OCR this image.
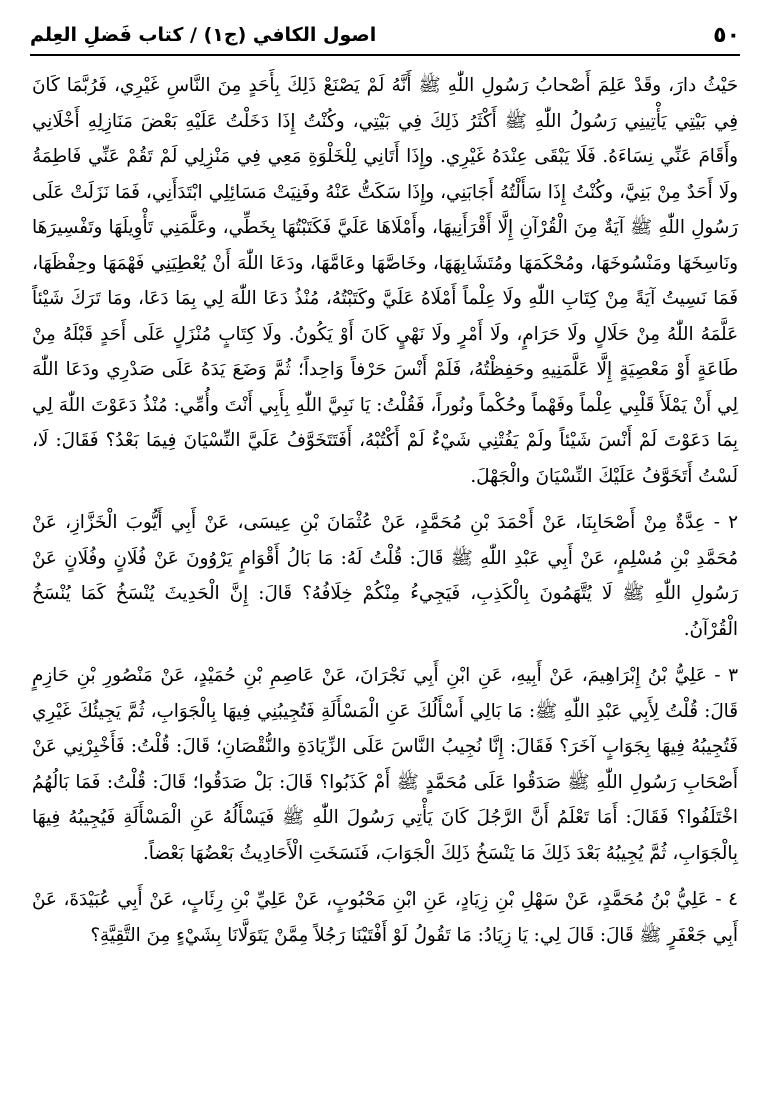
٥٠
اصول الكافي (ج١) / كتاب فَضلِ العِلم

حَيْثُ دارَ، وقَدْ عَلِمَ أَصْحابُ رَسُولِ اللّٰهِ ﷺ أَنَّهُ لَمْ يَصْنَعْ ذَلِكَ بِأَحَدٍ مِنَ النَّاسِ غَيْرِي، فَرُبَّمَا كَانَ فِي بَيْتِي يَأْتِينِي رَسُولُ اللّٰهِ ﷺ أَكْثَرُ ذَلِكَ فِي بَيْتِي، وكُنْتُ إِذَا دَخَلْتُ عَلَيْهِ بَعْضَ مَنَازِلِهِ أَخْلَانِي وأَقَامَ عَنِّي نِسَاءَهُ. فَلَا يَبْقَى عِنْدَهُ غَيْرِي. وإِذَا أَتَانِي لِلْخَلْوَةِ مَعِي فِي مَنْزِلِي لَمْ تَقُمْ عَنِّي فَاطِمَةُ ولَا أَحَدٌ مِنْ بَنِيَّ، وكُنْتُ إِذَا سَأَلْتُهُ أَجَابَنِي، وإِذَا سَكَتُّ عَنْهُ وفَنِيَتْ مَسَائِلِي ابْتَدَأَنِي، فَمَا نَزَلَتْ عَلَى رَسُولِ اللّٰهِ ﷺ آيَةٌ مِنَ الْقُرْآنِ إِلَّا أَقْرَأَنِيهَا، وأَمْلَاهَا عَلَيَّ فَكَتَبْتُهَا بِخَطِّي، وعَلَّمَنِي تَأْوِيلَهَا وتَفْسِيرَهَا ونَاسِخَهَا ومَنْسُوخَهَا، ومُحْكَمَهَا ومُتَشَابِهَهَا، وخَاصَّهَا وعَامَّهَا، ودَعَا اللّٰهَ أَنْ يُعْطِيَنِي فَهْمَهَا وحِفْظَهَا، فَمَا نَسِيتُ آيَةً مِنْ كِتَابِ اللّٰهِ ولَا عِلْماً أَمْلَاهُ عَلَيَّ وكَتَبْتُهُ، مُنْذُ دَعَا اللّٰهَ لِي بِمَا دَعَا، ومَا تَرَكَ شَيْئاً عَلَّمَهُ اللّٰهُ مِنْ حَلَالٍ ولَا حَرَامٍ، ولَا أَمْرٍ ولَا نَهْيٍ كَانَ أَوْ يَكُونُ. ولَا كِتَابٍ مُنْزَلٍ عَلَى أَحَدٍ قَبْلَهُ مِنْ طَاعَةٍ أَوْ مَعْصِيَةٍ إِلَّا عَلَّمَنِيهِ وحَفِظْتُهُ، فَلَمْ أَنْسَ حَرْفاً وَاحِداً؛ ثُمَّ وَضَعَ يَدَهُ عَلَى صَدْرِي ودَعَا اللّٰهَ لِي أَنْ يَمْلَأَ قَلْبِي عِلْماً وفَهْماً وحُكْماً ونُوراً، فَقُلْتُ: يَا نَبِيَّ اللّٰهِ بِأَبِي أَنْتَ وأُمِّي: مُنْذُ دَعَوْتَ اللّٰهَ لِي بِمَا دَعَوْتَ لَمْ أَنْسَ شَيْئاً ولَمْ يَفُتْنِي شَيْءٌ لَمْ أَكْتُبْهُ، أَفَتَتَخَوَّفُ عَلَيَّ النِّسْيَانَ فِيمَا بَعْدُ؟ فَقَالَ: لَا، لَسْتُ أَتَخَوَّفُ عَلَيْكَ النِّسْيَانَ والْجَهْلَ.

٢ - عِدَّةٌ مِنْ أَصْحَابِنَا، عَنْ أَحْمَدَ بْنِ مُحَمَّدٍ، عَنْ عُثْمَانَ بْنِ عِيسَى، عَنْ أَبِي أَيُّوبَ الْخَزَّازِ، عَنْ مُحَمَّدِ بْنِ مُسْلِمٍ، عَنْ أَبِي عَبْدِ اللّٰهِ ﷺ قَالَ: قُلْتُ لَهُ: مَا بَالُ أَقْوَامٍ يَرْوُونَ عَنْ فُلَانٍ وفُلَانٍ عَنْ رَسُولِ اللّٰهِ ﷺ لَا يُتَّهَمُونَ بِالْكَذِبِ، فَيَجِيءُ مِنْكُمْ خِلَافُهُ؟ قَالَ: إِنَّ الْحَدِيثَ يُنْسَخُ كَمَا يُنْسَخُ الْقُرْآنُ.

٣ - عَلِيُّ بْنُ إِبْرَاهِيمَ، عَنْ أَبِيهِ، عَنِ ابْنِ أَبِي نَجْرَانَ، عَنْ عَاصِمِ بْنِ حُمَيْدٍ، عَنْ مَنْصُورِ بْنِ حَازِمٍ قَالَ: قُلْتُ لِأَبِي عَبْدِ اللّٰهِ ﷺ: مَا بَالِي أَسْأَلُكَ عَنِ الْمَسْأَلَةِ فَتُجِيبُنِي فِيهَا بِالْجَوَابِ، ثُمَّ يَجِيئُكَ غَيْرِي فَتُجِيبُهُ فِيهَا بِجَوَابٍ آخَرَ؟ فَقَالَ: إِنَّا نُجِيبُ النَّاسَ عَلَى الزِّيَادَةِ والنُّقْصَانِ؛ قَالَ: قُلْتُ: فَأَخْبِرْنِي عَنْ أَصْحَابِ رَسُولِ اللّٰهِ ﷺ صَدَقُوا عَلَى مُحَمَّدٍ ﷺ أَمْ كَذَبُوا؟ قَالَ: بَلْ صَدَقُوا؛ قَالَ: قُلْتُ: فَمَا بَالُهُمُ اخْتَلَفُوا؟ فَقَالَ: أَمَا تَعْلَمُ أَنَّ الرَّجُلَ كَانَ يَأْتِي رَسُولَ اللّٰهِ ﷺ فَيَسْأَلُهُ عَنِ الْمَسْأَلَةِ فَيُجِيبُهُ فِيهَا بِالْجَوَابِ، ثُمَّ يُجِيبُهُ بَعْدَ ذَلِكَ مَا يَنْسَخُ ذَلِكَ الْجَوَابَ، فَنَسَخَتِ الْأَحَادِيثُ بَعْضُهَا بَعْضاً.

٤ - عَلِيُّ بْنُ مُحَمَّدٍ، عَنْ سَهْلِ بْنِ زِيَادٍ، عَنِ ابْنِ مَحْبُوبٍ، عَنْ عَلِيِّ بْنِ رِئَابٍ، عَنْ أَبِي عُبَيْدَةَ، عَنْ أَبِي جَعْفَرٍ ﷺ قَالَ: قَالَ لِي: يَا زِيَادُ: مَا تَقُولُ لَوْ أَفْتَيْنَا رَجُلاً مِمَّنْ يَتَوَلَّانَا بِشَيْءٍ مِنَ التَّقِيَّةِ؟
